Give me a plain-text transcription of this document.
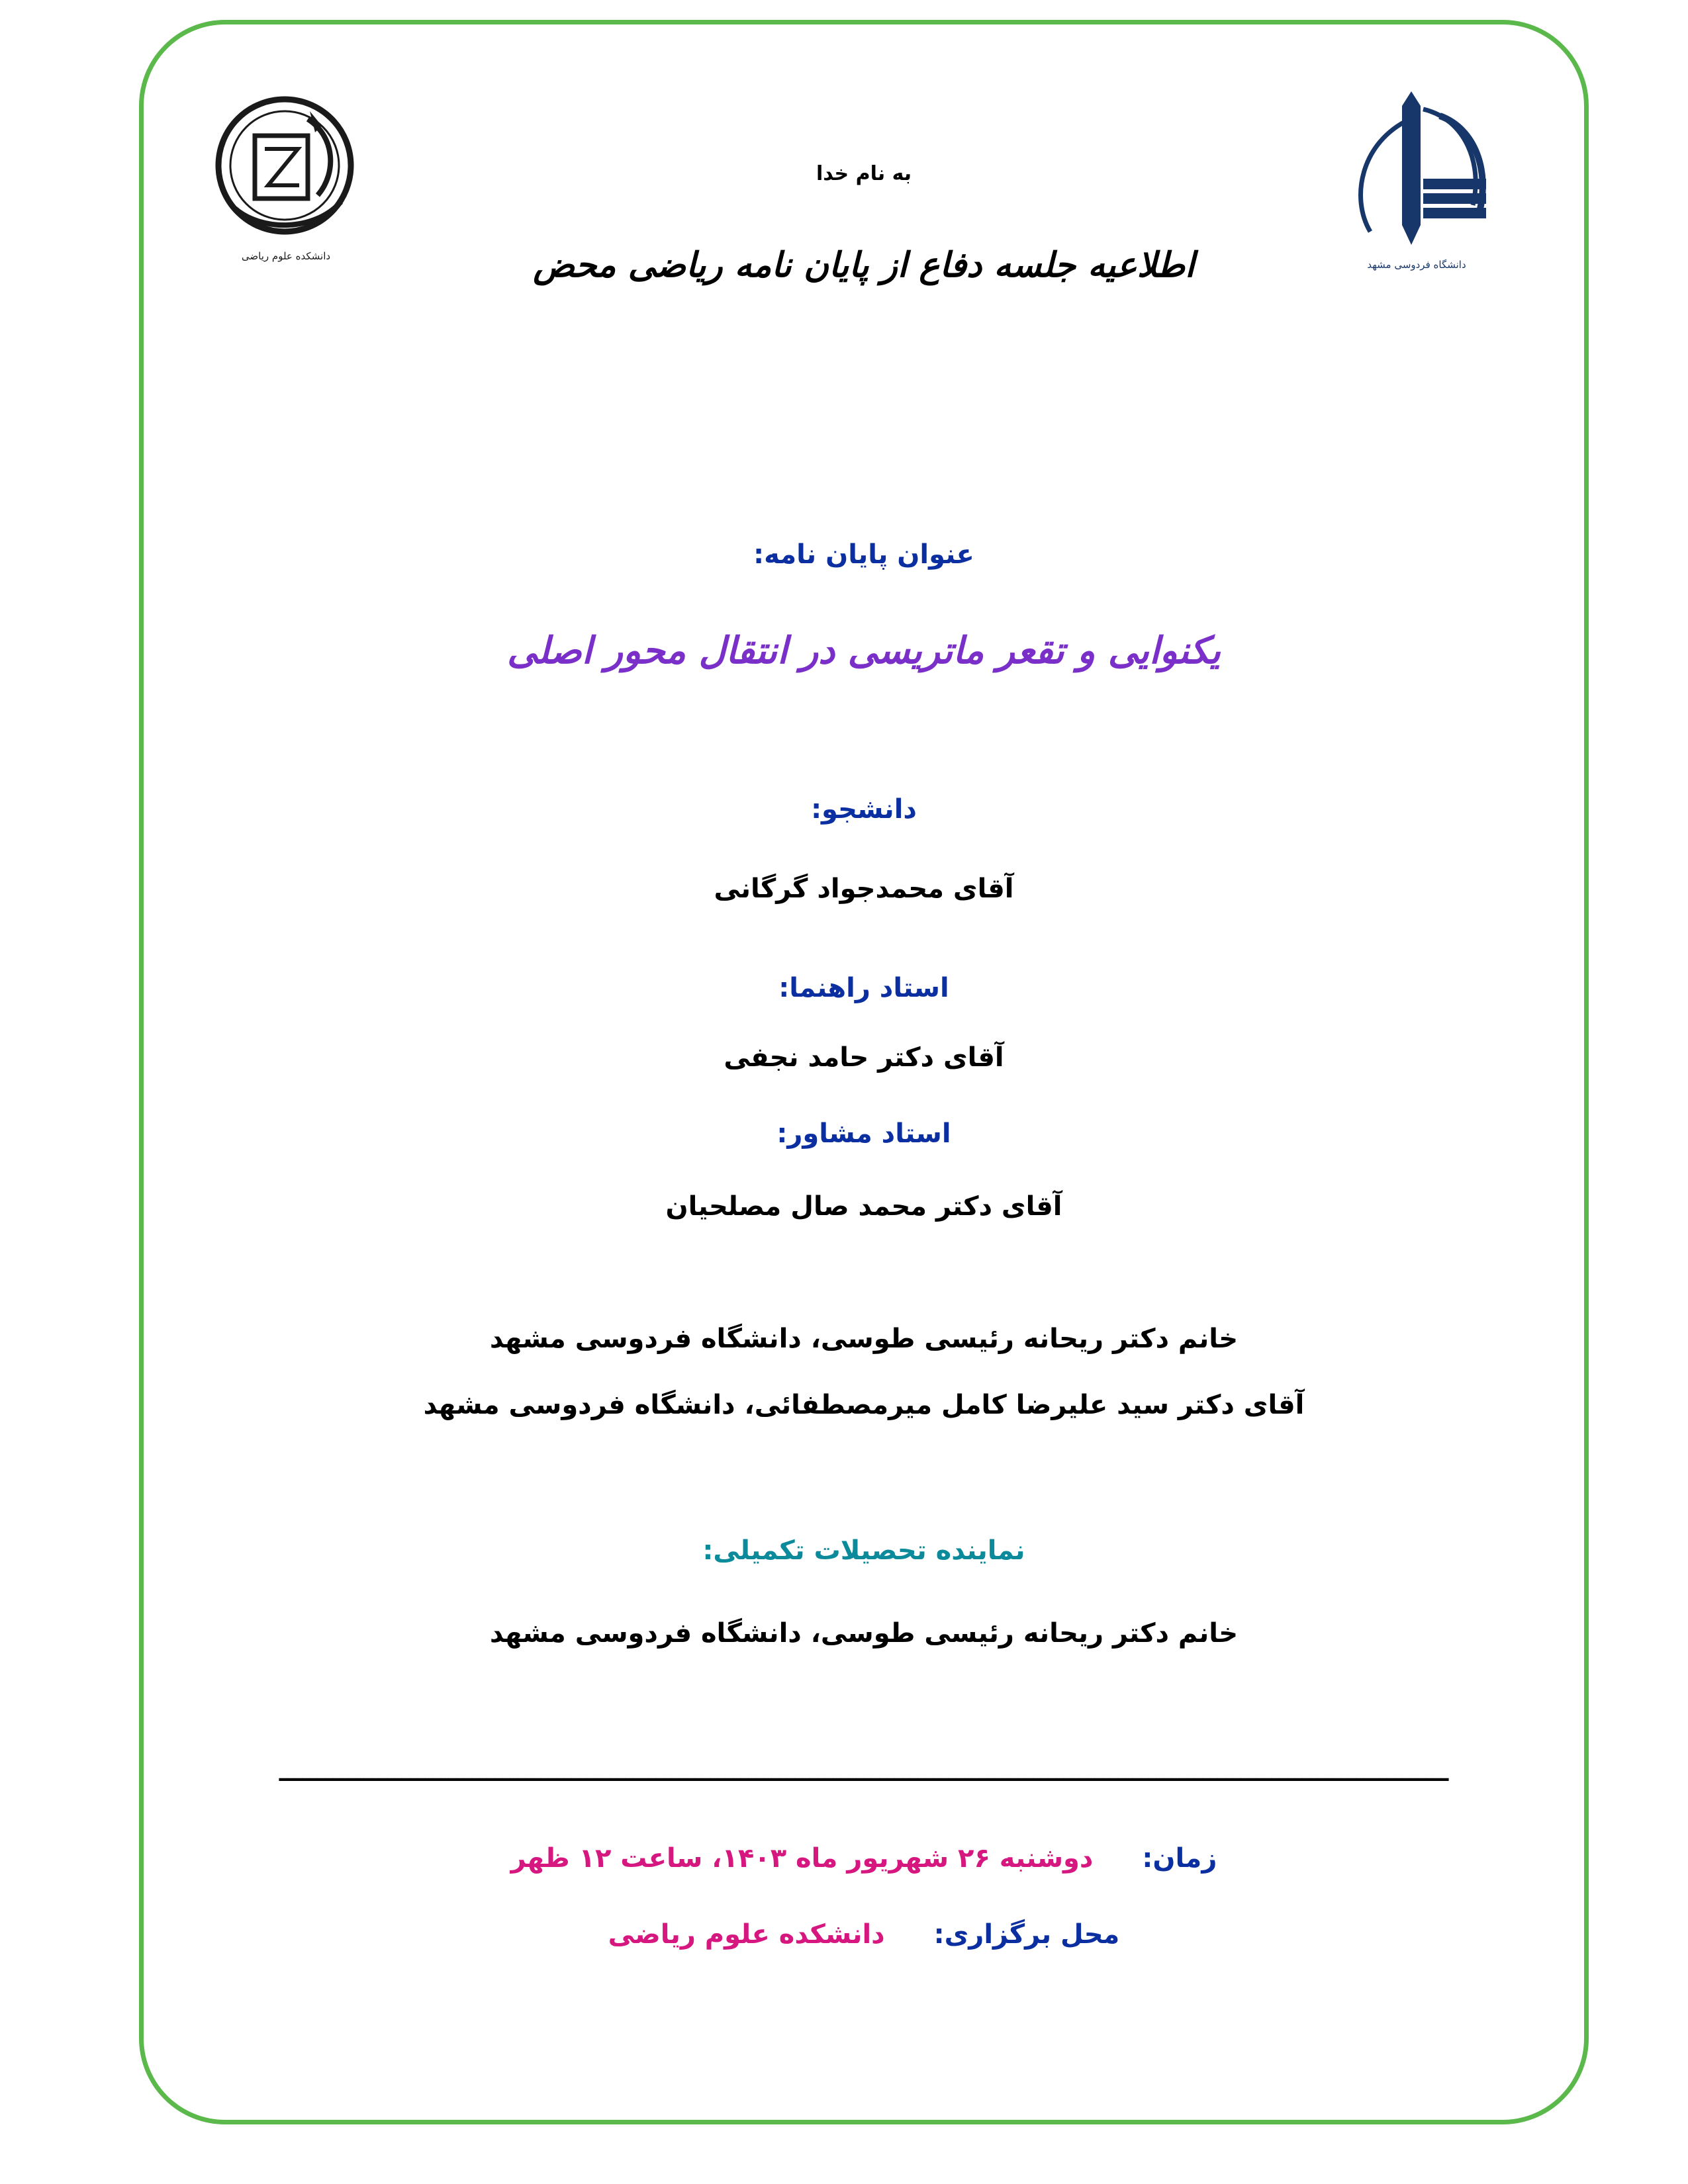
دانشگاه فردوسی مشهد
دانشکده علوم ریاضی
به نام خدا
اطلاعیه جلسه دفاع از پایان نامه ریاضی محض
عنوان پایان نامه:
یکنوایی و تقعر ماتریسی در انتقال محور اصلی
دانشجو:
آقای محمدجواد گرگانی
استاد راهنما:
آقای دکتر حامد نجفی
استاد مشاور:
آقای دکتر محمد صال مصلحیان
خانم دکتر ریحانه رئیسی طوسی، دانشگاه فردوسی مشهد
آقای دکتر سید علیرضا کامل میرمصطفائی، دانشگاه فردوسی مشهد
نماینده تحصیلات تکمیلی:
خانم دکتر ریحانه رئیسی طوسی، دانشگاه فردوسی مشهد
ــــــــــــــــــــــــــــــــــــــــــــــــــــــــــــــــــــــــــــــــــــــــــــــــــــــــــــــــــــــــــــــــــــــــــــــــــــــــ
زمان: دوشنبه ۲۶ شهریور ماه ۱۴۰۳، ساعت ۱۲ ظهر
محل برگزاری: دانشکده علوم ریاضی
